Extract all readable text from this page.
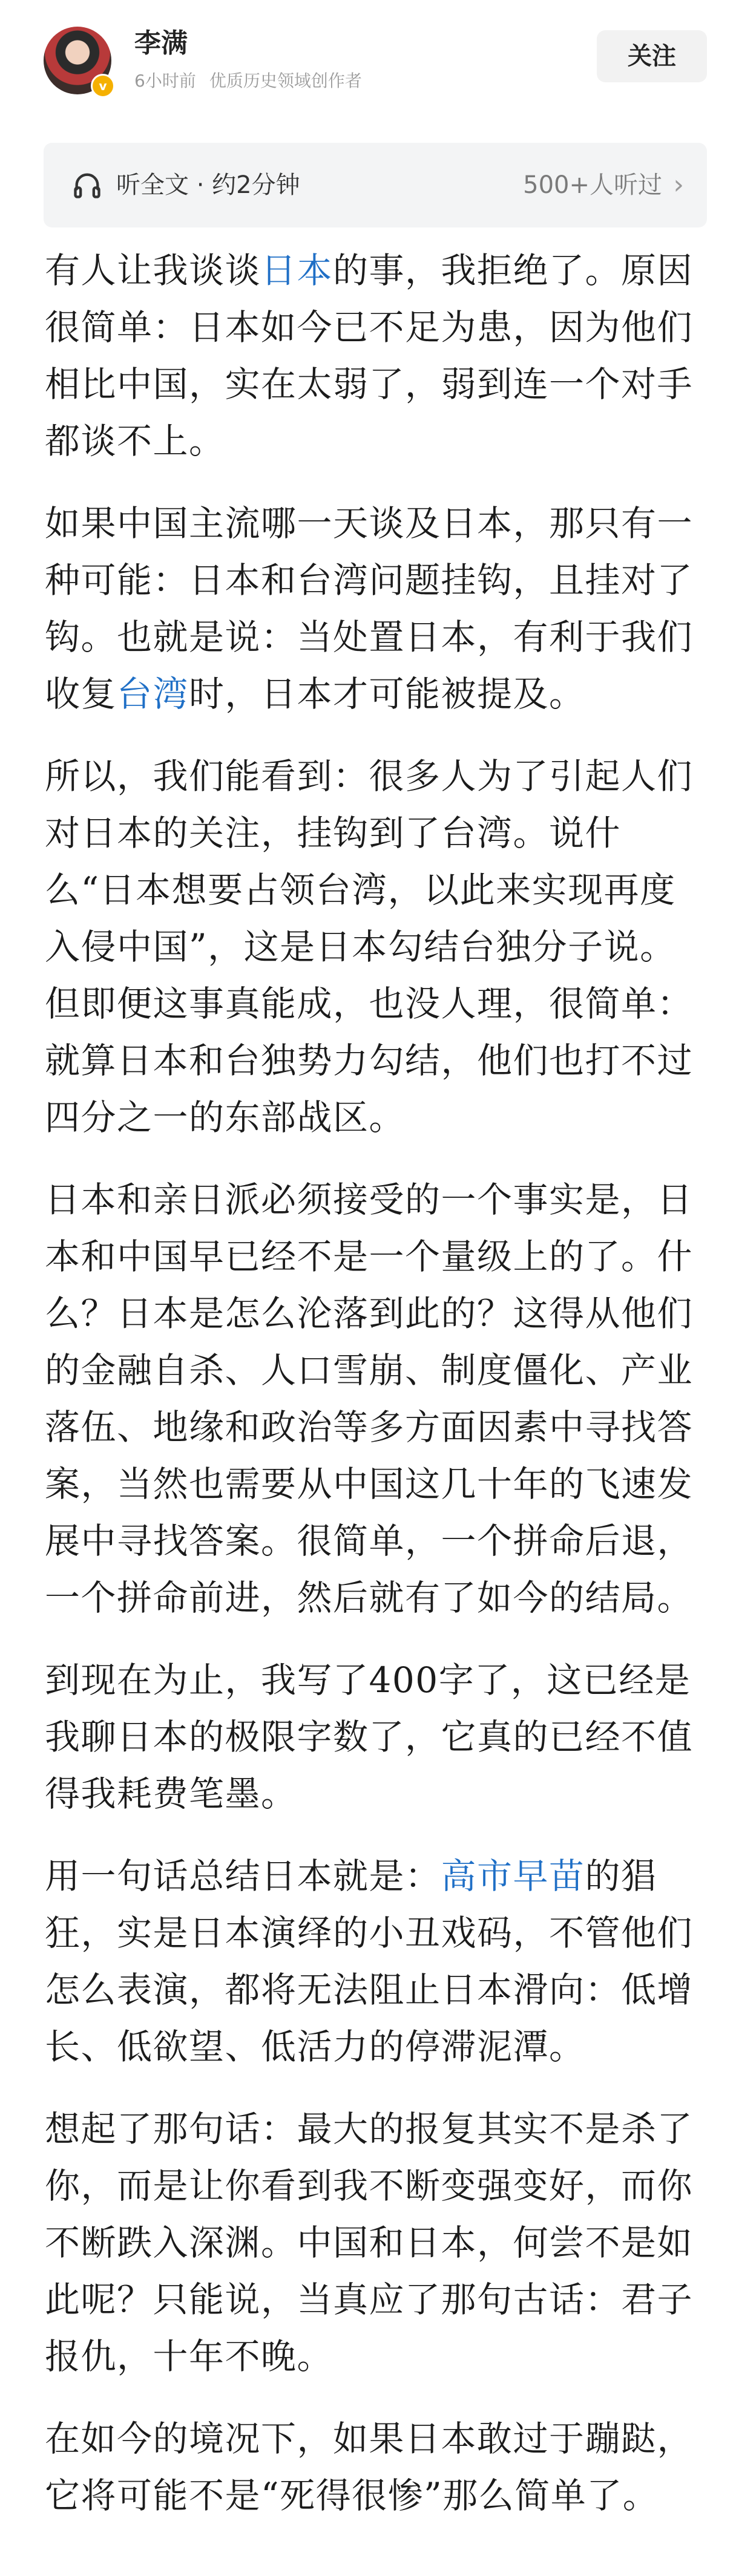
v
李满
6小时前 优质历史领域创作者
关注
听全文 · 约2分钟	500+人听过 ›

有人让我谈谈日本的事，我拒绝了。原因很简单：日本如今已不足为患，因为他们相比中国，实在太弱了，弱到连一个对手都谈不上。

如果中国主流哪一天谈及日本，那只有一种可能：日本和台湾问题挂钩，且挂对了钩。也就是说：当处置日本，有利于我们收复台湾时，日本才可能被提及。

所以，我们能看到：很多人为了引起人们对日本的关注，挂钩到了台湾。说什么“日本想要占领台湾，以此来实现再度入侵中国”，这是日本勾结台独分子说。但即便这事真能成，也没人理，很简单：就算日本和台独势力勾结，他们也打不过四分之一的东部战区。

日本和亲日派必须接受的一个事实是，日本和中国早已经不是一个量级上的了。什么？日本是怎么沦落到此的？这得从他们的金融自杀、人口雪崩、制度僵化、产业落伍、地缘和政治等多方面因素中寻找答案，当然也需要从中国这几十年的飞速发展中寻找答案。很简单，一个拼命后退，一个拼命前进，然后就有了如今的结局。

到现在为止，我写了400字了，这已经是我聊日本的极限字数了，它真的已经不值得我耗费笔墨。

用一句话总结日本就是：高市早苗的猖狂，实是日本演绎的小丑戏码，不管他们怎么表演，都将无法阻止日本滑向：低增长、低欲望、低活力的停滞泥潭。

想起了那句话：最大的报复其实不是杀了你，而是让你看到我不断变强变好，而你不断跌入深渊。中国和日本，何尝不是如此呢？只能说，当真应了那句古话：君子报仇，十年不晚。

在如今的境况下，如果日本敢过于蹦跶，它将可能不是“死得很惨”那么简单了。
